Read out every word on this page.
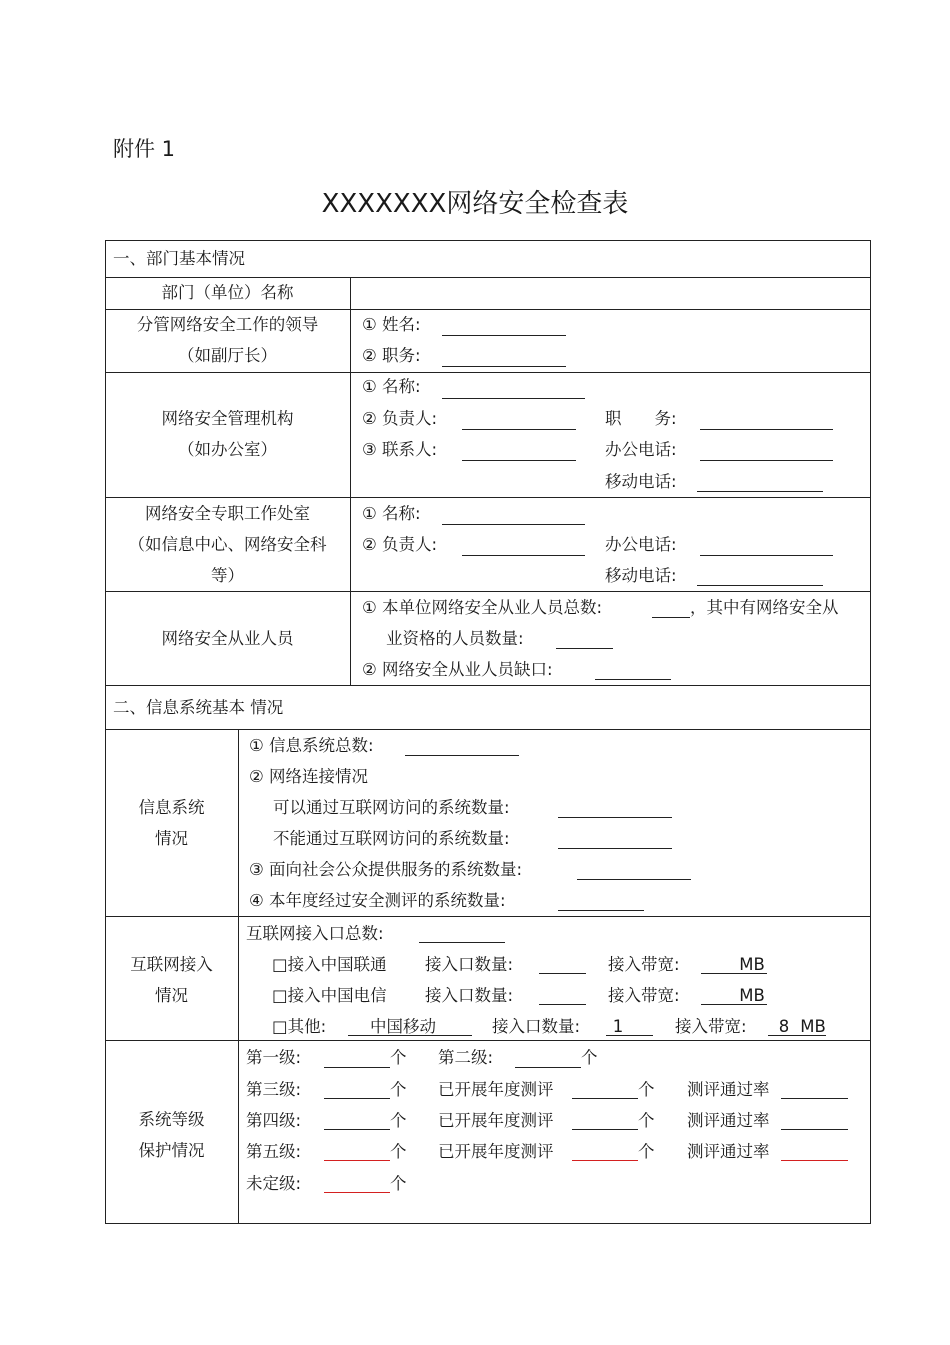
附件 1
XXXXXXX网络安全检查表
一、部门基本情况
部门（单位）名称
分管网络安全工作的领导
（如副厅长）
① 姓名:
② 职务:
网络安全管理机构
（如办公室）
① 名称:
② 负责人:	职　　务:
③ 联系人:	办公电话:
移动电话:
网络安全专职工作处室
（如信息中心、网络安全科
等）
① 名称:
② 负责人:	办公电话:
移动电话:
网络安全从业人员
① 本单位网络安全从业人员总数:	，其中有网络安全从
业资格的人员数量:
② 网络安全从业人员缺口:
二、信息系统基本 情况
信息系统
情况
① 信息系统总数:
② 网络连接情况
可以通过互联网访问的系统数量:
不能通过互联网访问的系统数量:
③ 面向社会公众提供服务的系统数量:
④ 本年度经过安全测评的系统数量:
互联网接入
情况
互联网接入口总数:
□接入中国联通 接入口数量:	接入带宽:	MB
□接入中国电信 接入口数量:	接入带宽:	MB
□其他:	中国移动	接入口数量:	1	接入带宽: 8 MB
系统等级
保护情况
第一级:	个 第二级:	个
第三级:	个 已开展年度测评	个 测评通过率
第四级:	个 已开展年度测评	个 测评通过率
第五级:	个 已开展年度测评	个 测评通过率
未定级:	个
